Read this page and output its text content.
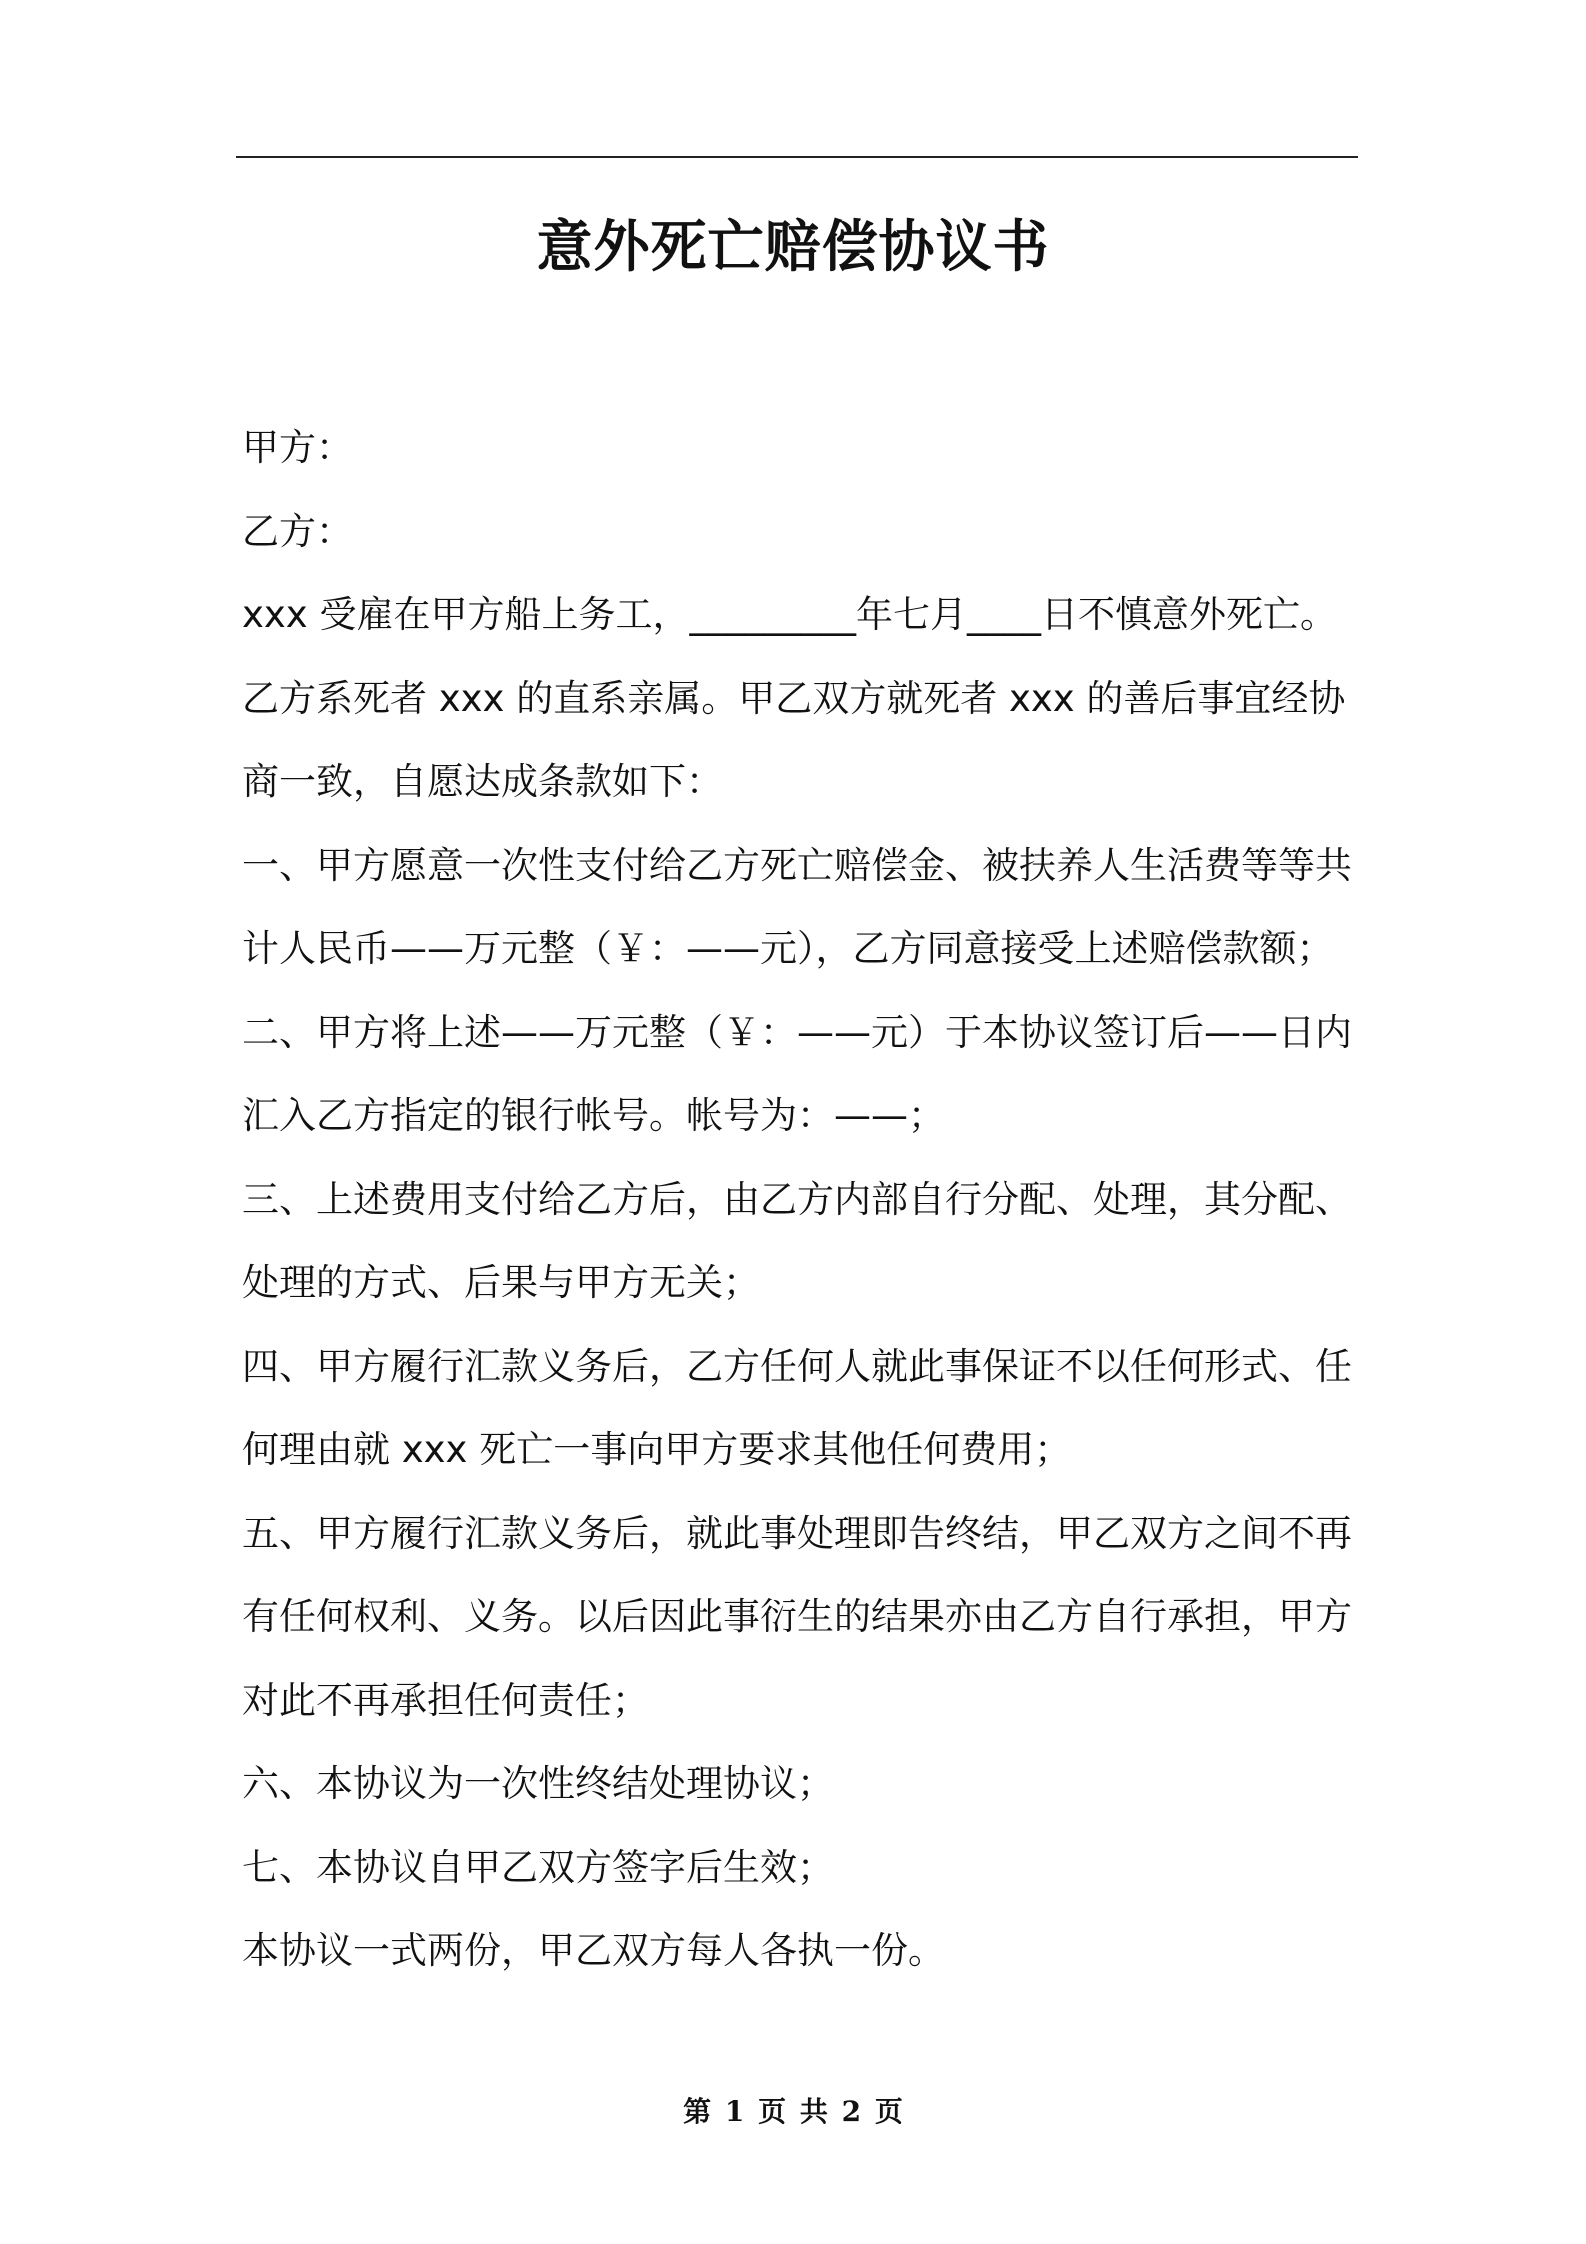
意外死亡赔偿协议书

甲方：

乙方：

xxx 受雇在甲方船上务工，_________年七月____日不慎意外死亡。乙方系死者 xxx 的直系亲属。甲乙双方就死者 xxx 的善后事宜经协商一致，自愿达成条款如下：

一、甲方愿意一次性支付给乙方死亡赔偿金、被扶养人生活费等等共计人民币——万元整（￥：——元），乙方同意接受上述赔偿款额；

二、甲方将上述——万元整（￥：——元）于本协议签订后——日内汇入乙方指定的银行帐号。帐号为：——；

三、上述费用支付给乙方后，由乙方内部自行分配、处理，其分配、处理的方式、后果与甲方无关；

四、甲方履行汇款义务后，乙方任何人就此事保证不以任何形式、任何理由就 xxx 死亡一事向甲方要求其他任何费用；

五、甲方履行汇款义务后，就此事处理即告终结，甲乙双方之间不再有任何权利、义务。以后因此事衍生的结果亦由乙方自行承担，甲方对此不再承担任何责任；

六、本协议为一次性终结处理协议；

七、本协议自甲乙双方签字后生效；

本协议一式两份，甲乙双方每人各执一份。

第 1 页 共 2 页
